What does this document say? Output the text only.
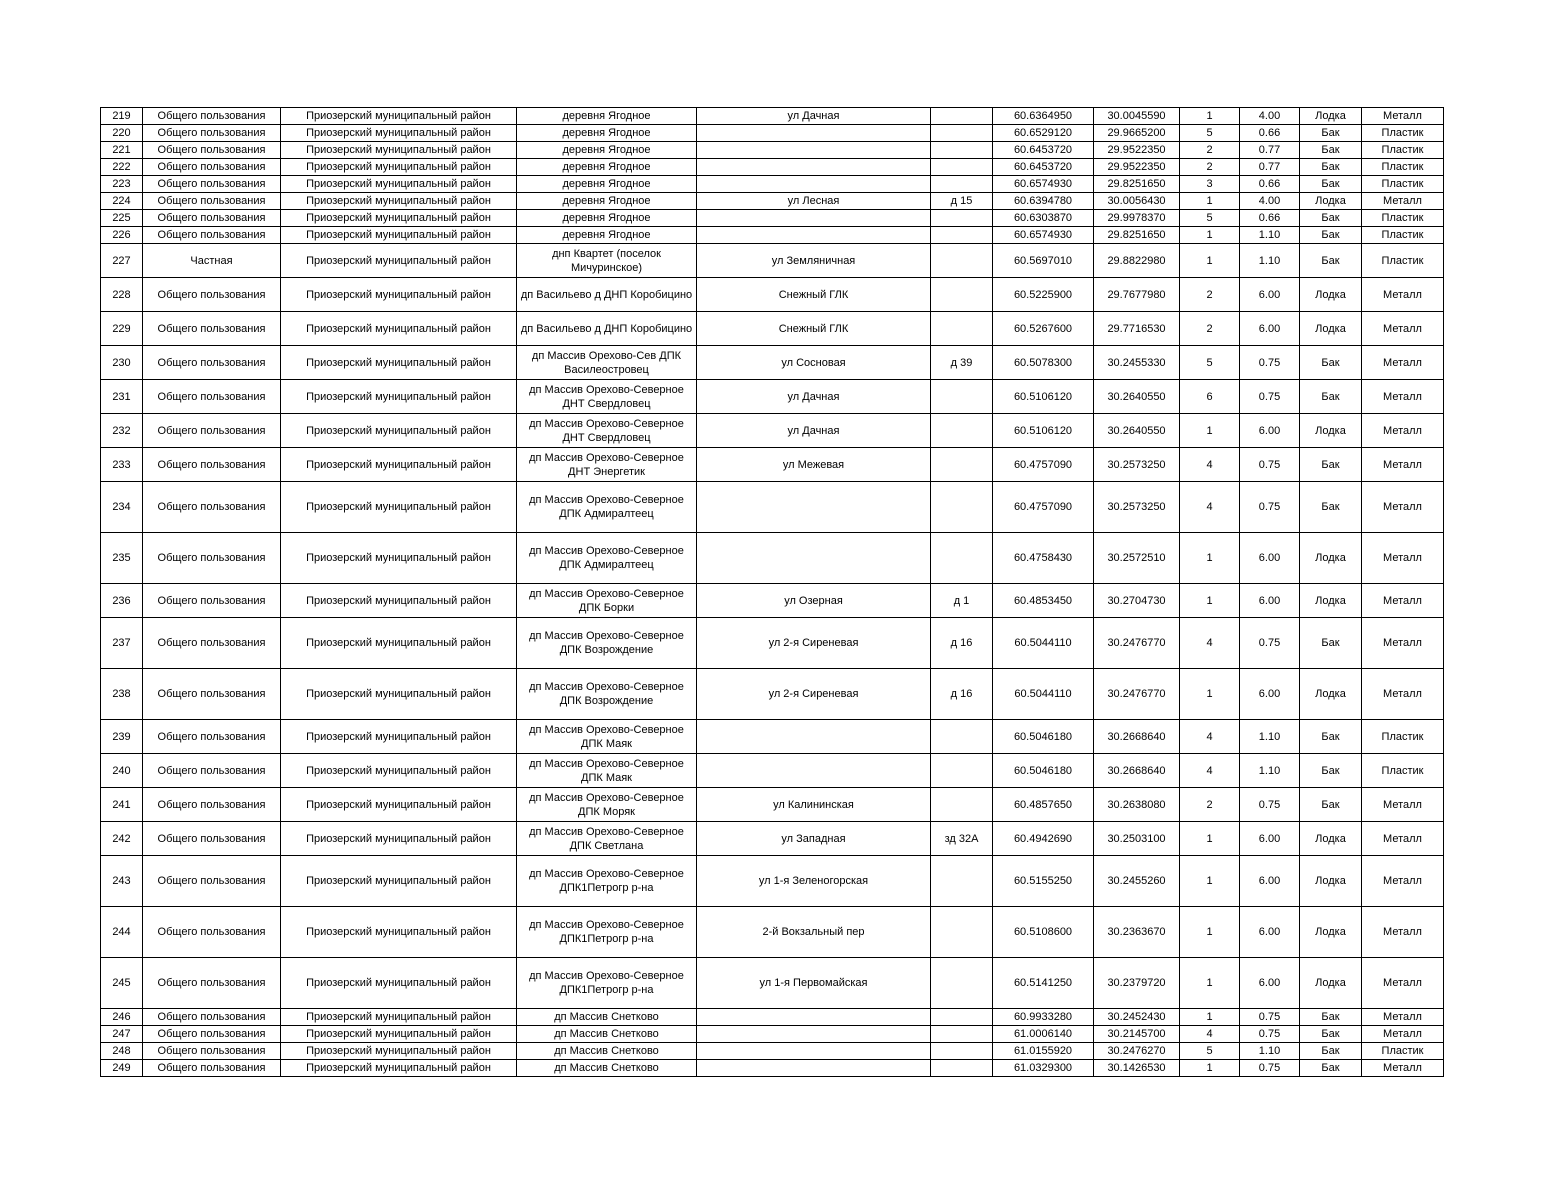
219	Общего пользования	Приозерский муниципальный район	деревня Ягодное	ул Дачная		60.6364950	30.0045590	1	4.00	Лодка	Металл
220	Общего пользования	Приозерский муниципальный район	деревня Ягодное			60.6529120	29.9665200	5	0.66	Бак	Пластик
221	Общего пользования	Приозерский муниципальный район	деревня Ягодное			60.6453720	29.9522350	2	0.77	Бак	Пластик
222	Общего пользования	Приозерский муниципальный район	деревня Ягодное			60.6453720	29.9522350	2	0.77	Бак	Пластик
223	Общего пользования	Приозерский муниципальный район	деревня Ягодное			60.6574930	29.8251650	3	0.66	Бак	Пластик
224	Общего пользования	Приозерский муниципальный район	деревня Ягодное	ул Лесная	д 15	60.6394780	30.0056430	1	4.00	Лодка	Металл
225	Общего пользования	Приозерский муниципальный район	деревня Ягодное			60.6303870	29.9978370	5	0.66	Бак	Пластик
226	Общего пользования	Приозерский муниципальный район	деревня Ягодное			60.6574930	29.8251650	1	1.10	Бак	Пластик
227	Частная	Приозерский муниципальный район	днп Квартет (поселок Мичуринское)	ул Земляничная		60.5697010	29.8822980	1	1.10	Бак	Пластик
228	Общего пользования	Приозерский муниципальный район	дп Васильево д ДНП Коробицино	Снежный ГЛК		60.5225900	29.7677980	2	6.00	Лодка	Металл
229	Общего пользования	Приозерский муниципальный район	дп Васильево д ДНП Коробицино	Снежный ГЛК		60.5267600	29.7716530	2	6.00	Лодка	Металл
230	Общего пользования	Приозерский муниципальный район	дп Массив Орехово-Сев ДПК Василеостровец	ул Сосновая	д 39	60.5078300	30.2455330	5	0.75	Бак	Металл
231	Общего пользования	Приозерский муниципальный район	дп Массив Орехово-Северное ДНТ Свердловец	ул Дачная		60.5106120	30.2640550	6	0.75	Бак	Металл
232	Общего пользования	Приозерский муниципальный район	дп Массив Орехово-Северное ДНТ Свердловец	ул Дачная		60.5106120	30.2640550	1	6.00	Лодка	Металл
233	Общего пользования	Приозерский муниципальный район	дп Массив Орехово-Северное ДНТ Энергетик	ул Межевая		60.4757090	30.2573250	4	0.75	Бак	Металл
234	Общего пользования	Приозерский муниципальный район	дп Массив Орехово-Северное ДПК Адмиралтеец			60.4757090	30.2573250	4	0.75	Бак	Металл
235	Общего пользования	Приозерский муниципальный район	дп Массив Орехово-Северное ДПК Адмиралтеец			60.4758430	30.2572510	1	6.00	Лодка	Металл
236	Общего пользования	Приозерский муниципальный район	дп Массив Орехово-Северное ДПК Борки	ул Озерная	д 1	60.4853450	30.2704730	1	6.00	Лодка	Металл
237	Общего пользования	Приозерский муниципальный район	дп Массив Орехово-Северное ДПК Возрождение	ул 2-я Сиреневая	д 16	60.5044110	30.2476770	4	0.75	Бак	Металл
238	Общего пользования	Приозерский муниципальный район	дп Массив Орехово-Северное ДПК Возрождение	ул 2-я Сиреневая	д 16	60.5044110	30.2476770	1	6.00	Лодка	Металл
239	Общего пользования	Приозерский муниципальный район	дп Массив Орехово-Северное ДПК Маяк			60.5046180	30.2668640	4	1.10	Бак	Пластик
240	Общего пользования	Приозерский муниципальный район	дп Массив Орехово-Северное ДПК Маяк			60.5046180	30.2668640	4	1.10	Бак	Пластик
241	Общего пользования	Приозерский муниципальный район	дп Массив Орехово-Северное ДПК Моряк	ул Калининская		60.4857650	30.2638080	2	0.75	Бак	Металл
242	Общего пользования	Приозерский муниципальный район	дп Массив Орехово-Северное ДПК Светлана	ул Западная	зд 32А	60.4942690	30.2503100	1	6.00	Лодка	Металл
243	Общего пользования	Приозерский муниципальный район	дп Массив Орехово-Северное ДПК1Петрогр р-на	ул 1-я Зеленогорская		60.5155250	30.2455260	1	6.00	Лодка	Металл
244	Общего пользования	Приозерский муниципальный район	дп Массив Орехово-Северное ДПК1Петрогр р-на	2-й Вокзальный пер		60.5108600	30.2363670	1	6.00	Лодка	Металл
245	Общего пользования	Приозерский муниципальный район	дп Массив Орехово-Северное ДПК1Петрогр р-на	ул 1-я Первомайская		60.5141250	30.2379720	1	6.00	Лодка	Металл
246	Общего пользования	Приозерский муниципальный район	дп Массив Снетково			60.9933280	30.2452430	1	0.75	Бак	Металл
247	Общего пользования	Приозерский муниципальный район	дп Массив Снетково			61.0006140	30.2145700	4	0.75	Бак	Металл
248	Общего пользования	Приозерский муниципальный район	дп Массив Снетково			61.0155920	30.2476270	5	1.10	Бак	Пластик
249	Общего пользования	Приозерский муниципальный район	дп Массив Снетково			61.0329300	30.1426530	1	0.75	Бак	Металл
